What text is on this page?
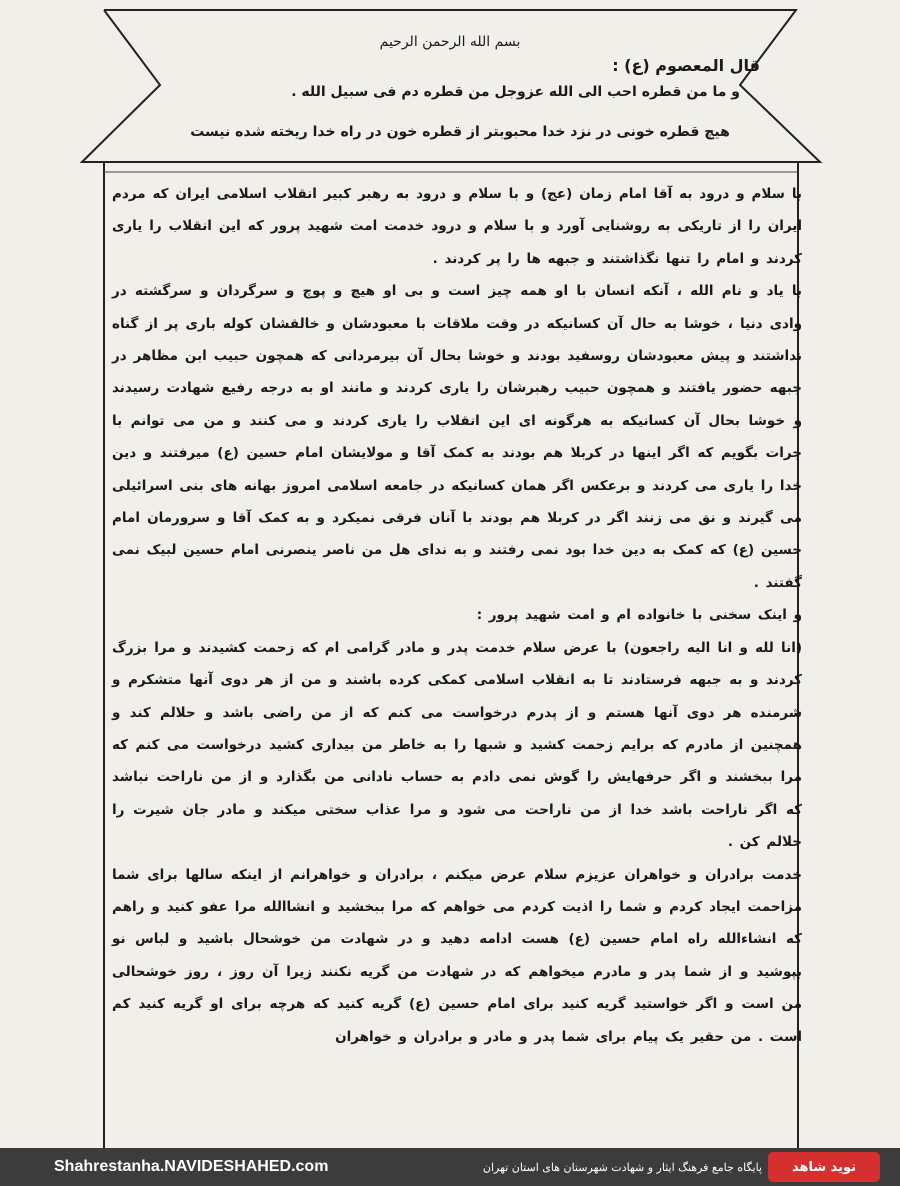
بسم الله الرحمن الرحیم
قال المعصوم (ع) :
و ما من قطره احب الی الله عزوجل من قطره دم فی سبیل الله .
هیچ قطره خونی در نزد خدا محبوبتر از قطره خون در راه خدا ریخته شده نیست

با سلام و درود به آقا امام زمان (عج) و با سلام و درود به رهبر کبیر انقلاب اسلامی ایران که مردم ایران را از تاریکی به روشنایی آورد و با سلام و درود خدمت امت شهید پرور که این انقلاب را یاری کردند و امام را تنها نگذاشتند و جبهه ها را پر کردند .

با یاد و نام الله ، آنکه انسان با او همه چیز است و بی او هیچ و پوچ و سرگردان و سرگشته در وادی دنیا ، خوشا به حال آن کسانیکه در وقت ملاقات با معبودشان و خالقشان کوله باری پر از گناه نداشتند و پیش معبودشان روسفید بودند و خوشا بحال آن بیرمردانی که همچون حبیب ابن مظاهر در جبهه حضور یافتند و همچون حبیب رهبرشان را یاری کردند و مانند او به درجه رفیع شهادت رسیدند و خوشا بحال آن کسانیکه به هرگونه ای این انقلاب را یاری کردند و می کنند و من می توانم با جرات بگویم که اگر اینها در کربلا هم بودند به کمک آقا و مولایشان امام حسین (ع) میرفتند و دین خدا را یاری می کردند و برعکس اگر همان کسانیکه در جامعه اسلامی امروز بهانه های بنی اسرائیلی می گیرند و نق می زنند اگر در کربلا هم بودند با آنان فرقی نمیکرد و به کمک آقا و سرورمان امام حسین (ع) که کمک به دین خدا بود نمی رفتند و به ندای هل من ناصر ینصرنی امام حسین لبیک نمی گفتند .

و اینک سخنی با خانواده ام و امت شهید پرور :

(انا لله و انا الیه راجعون) با عرض سلام خدمت پدر و مادر گرامی ام که زحمت کشیدند و مرا بزرگ کردند و به جبهه فرستادند تا به انقلاب اسلامی کمکی کرده باشند و من از هر دوی آنها متشکرم و شرمنده هر دوی آنها هستم و از پدرم درخواست می کنم که از من راضی باشد و حلالم کند و همچنین از مادرم که برایم زحمت کشید و شبها را به خاطر من بیداری کشید درخواست می کنم که مرا ببخشند و اگر حرفهایش را گوش نمی دادم به حساب نادانی من بگذارد و از من ناراحت نباشد که اگر ناراحت باشد خدا از من ناراحت می شود و مرا عذاب سختی میکند و مادر جان شیرت را حلالم کن .

خدمت برادران و خواهران عزیزم سلام عرض میکنم ، برادران و خواهرانم از اینکه سالها برای شما مزاحمت ایجاد کردم و شما را اذیت کردم می خواهم که مرا ببخشید و انشاالله مرا عفو کنید و راهم که انشاءالله راه امام حسین (ع) هست ادامه دهید و در شهادت من خوشحال باشید و لباس نو بپوشید و از شما پدر و مادرم میخواهم که در شهادت من گریه نکنند زیرا آن روز ، روز خوشحالی من است و اگر خواستید گریه کنید برای امام حسین (ع) گریه کنید که هرچه برای او گریه کنید کم است . من حقیر یک پیام برای شما پدر و مادر و برادران و خواهران

Shahrestanha.NAVIDESHAHED.com	نوید شاهد
پایگاه جامع فرهنگ ایثار و شهادت شهرستان های استان تهران
